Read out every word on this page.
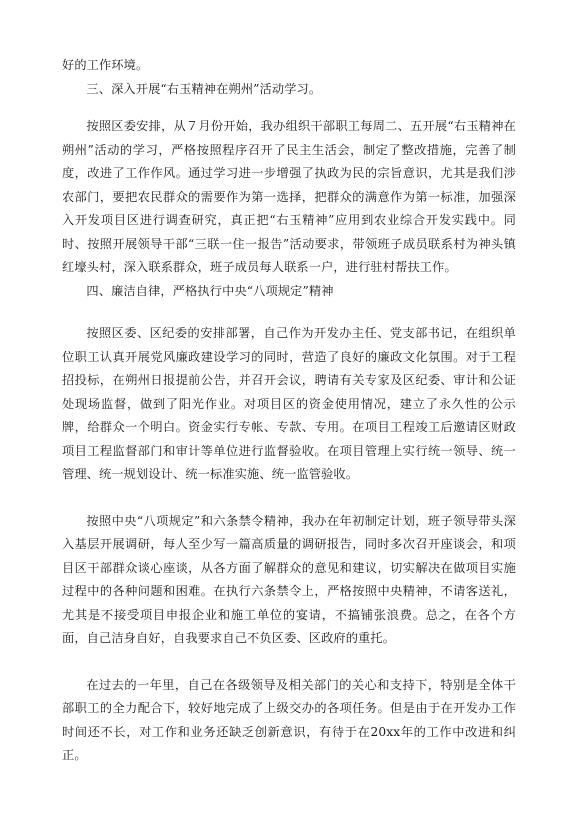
好的工作环境。

三、深入开展“右玉精神在朔州”活动学习。

按照区委安排，从７月份开始，我办组织干部职工每周二、五开展“右玉精神在朔州”活动的学习，严格按照程序召开了民主生活会，制定了整改措施，完善了制度，改进了工作作风。通过学习进一步增强了执政为民的宗旨意识，尤其是我们涉农部门，要把农民群众的需要作为第一选择，把群众的满意作为第一标准，加强深入开发项目区进行调查研究，真正把“右玉精神”应用到农业综合开发实践中。同时、按照开展领导干部“三联一住一报告”活动要求，带领班子成员联系村为神头镇红壕头村，深入联系群众，班子成员每人联系一户，进行驻村帮扶工作。

四、廉洁自律，严格执行中央“八项规定”精神

按照区委、区纪委的安排部署，自己作为开发办主任、党支部书记，在组织单位职工认真开展党风廉政建设学习的同时，营造了良好的廉政文化氛围。对于工程招投标，在朔州日报提前公告，并召开会议，聘请有关专家及区纪委、审计和公证处现场监督，做到了阳光作业。对项目区的资金使用情况，建立了永久性的公示牌，给群众一个明白。资金实行专帐、专款、专用。在项目工程竣工后邀请区财政项目工程监督部门和审计等单位进行监督验收。在项目管理上实行统一领导、统一管理、统一规划设计、统一标准实施、统一监管验收。

按照中央“八项规定”和六条禁令精神，我办在年初制定计划，班子领导带头深入基层开展调研，每人至少写一篇高质量的调研报告，同时多次召开座谈会，和项目区干部群众谈心座谈，从各方面了解群众的意见和建议，切实解决在做项目实施过程中的各种问题和困难。在执行六条禁令上，严格按照中央精神，不请客送礼，尤其是不接受项目申报企业和施工单位的宴请，不搞铺张浪费。总之，在各个方面，自己洁身自好，自我要求自己不负区委、区政府的重托。

在过去的一年里，自己在各级领导及相关部门的关心和支持下，特别是全体干部职工的全力配合下，较好地完成了上级交办的各项任务。但是由于在开发办工作时间还不长，对工作和业务还缺乏创新意识，有待于在20xx年的工作中改进和纠正。
